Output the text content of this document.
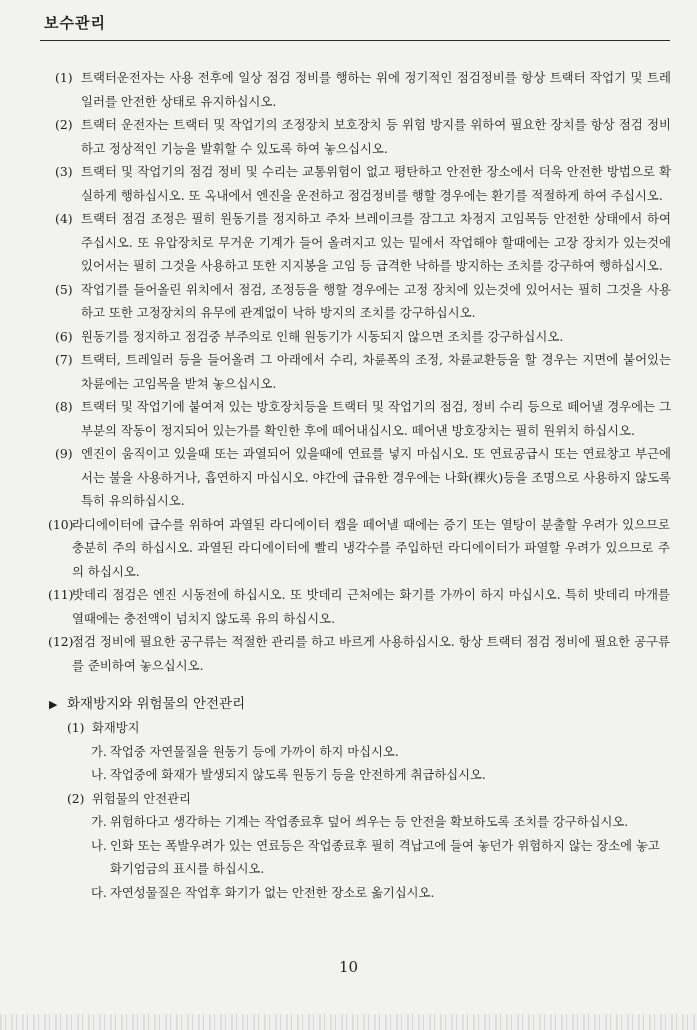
보수관리
(1) 트랙터운전자는 사용 전후에 일상 점검 정비를 행하는 위에 정기적인 점검정비를 항상 트랙터 작업기 및 트레일러를 안전한 상태로 유지하십시오.
(2) 트랙터 운전자는 트랙터 및 작업기의 조정장치 보호장치 등 위험 방지를 위하여 필요한 장치를 항상 점검 정비하고 정상적인 기능을 발휘할 수 있도록 하여 놓으십시오.
(3) 트랙터 및 작업기의 점검 정비 및 수리는 교통위험이 없고 평탄하고 안전한 장소에서 더욱 안전한 방법으로 확실하게 행하십시오. 또 옥내에서 엔진을 운전하고 점검정비를 행할 경우에는 환기를 적절하게 하여 주십시오.
(4) 트랙터 점검 조정은 필히 원동기를 정지하고 주차 브레이크를 잠그고 차정지 고임목등 안전한 상태에서 하여 주십시오. 또 유압장치로 무거운 기계가 들어 올려지고 있는 밑에서 작업해야 할때에는 고장 장치가 있는것에 있어서는 필히 그것을 사용하고 또한 지지봉을 고임 등 급격한 낙하를 방지하는 조치를 강구하여 행하십시오.
(5) 작업기를 들어올린 위치에서 점검, 조정등을 행할 경우에는 고정 장치에 있는것에 있어서는 필히 그것을 사용하고 또한 고정장치의 유무에 관계없이 낙하 방지의 조치를 강구하십시오.
(6) 원동기를 정지하고 점검중 부주의로 인해 원동기가 시동되지 않으면 조치를 강구하십시오.
(7) 트랙터, 트레일러 등을 들어올려 그 아래에서 수리, 차륜폭의 조정, 차륜교환등을 할 경우는 지면에 붙어있는 차륜에는 고임목을 받쳐 놓으십시오.
(8) 트랙터 및 작업기에 붙여져 있는 방호장치등을 트랙터 및 작업기의 점검, 정비 수리 등으로 떼어낼 경우에는 그 부분의 작동이 정지되어 있는가를 확인한 후에 떼어내십시오. 떼어낸 방호장치는 필히 원위치 하십시오.
(9) 엔진이 움직이고 있을때 또는 과열되어 있을때에 연료를 넣지 마십시오. 또 연료공급시 또는 연료창고 부근에서는 불을 사용하거나, 흡연하지 마십시오. 야간에 급유한 경우에는 나화(裸火)등을 조명으로 사용하지 않도록 특히 유의하십시오.
(10)
라디에이터에 급수를 위하여 과열된 라디에이터 캡을 떼어낼 때에는 증기 또는 열탕이 분출할 우려가 있으므로 충분히 주의 하십시오. 과열된 라디에이터에 빨리 냉각수를 주입하던 라디에이터가 파열할 우려가 있으므로 주의 하십시오.
(11)
밧데리 점검은 엔진 시동전에 하십시오. 또 밧데리 근처에는 화기를 가까이 하지 마십시오. 특히 밧데리 마개를 열때에는 충전액이 넘치지 않도록 유의 하십시오.
(12)
점검 정비에 필요한 공구류는 적절한 관리를 하고 바르게 사용하십시오. 항상 트랙터 점검 정비에 필요한 공구류를 준비하여 놓으십시오.
▶ 화재방지와 위험물의 안전관리
(1) 화재방지
가. 작업중 자연물질을 원동기 등에 가까이 하지 마십시오.
나. 작업중에 화재가 발생되지 않도록 원동기 등을 안전하게 취급하십시오.
(2) 위험물의 안전관리
가. 위험하다고 생각하는 기계는 작업종료후 덮어 씌우는 등 안전을 확보하도록 조치를 강구하십시오.
나. 인화 또는 폭발우려가 있는 연료등은 작업종료후 필히 격납고에 들여 놓던가 위험하지 않는 장소에 놓고 화기엄금의 표시를 하십시오.
다. 자연성물질은 작업후 화기가 없는 안전한 장소로 옮기십시오.
10
